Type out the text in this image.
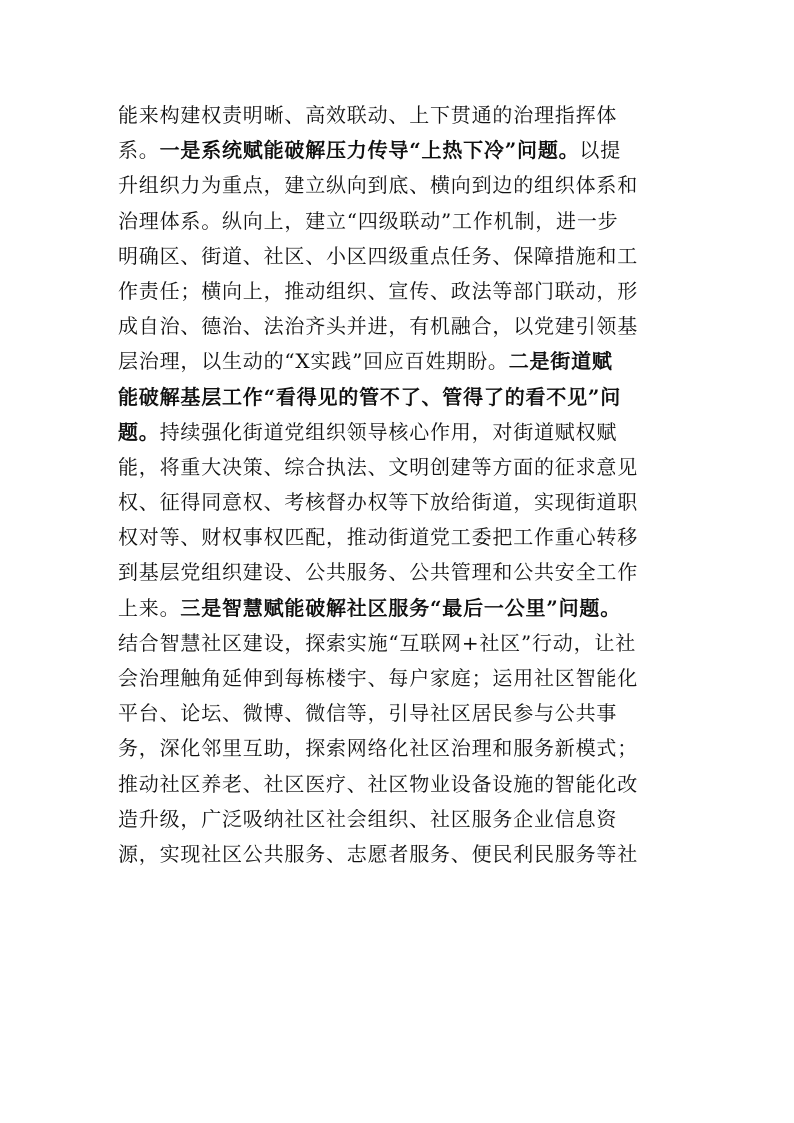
能来构建权责明晰、高效联动、上下贯通的治理指挥体
系。一是系统赋能破解压力传导“上热下冷”问题。以提
升组织力为重点，建立纵向到底、横向到边的组织体系和
治理体系。纵向上，建立“四级联动”工作机制，进一步
明确区、街道、社区、小区四级重点任务、保障措施和工
作责任；横向上，推动组织、宣传、政法等部门联动，形
成自治、德治、法治齐头并进，有机融合，以党建引领基
层治理，以生动的“X实践”回应百姓期盼。二是街道赋
能破解基层工作“看得见的管不了、管得了的看不见”问
题。持续强化街道党组织领导核心作用，对街道赋权赋
能，将重大决策、综合执法、文明创建等方面的征求意见
权、征得同意权、考核督办权等下放给街道，实现街道职
权对等、财权事权匹配，推动街道党工委把工作重心转移
到基层党组织建设、公共服务、公共管理和公共安全工作
上来。三是智慧赋能破解社区服务“最后一公里”问题。
结合智慧社区建设，探索实施“互联网+社区”行动，让社
会治理触角延伸到每栋楼宇、每户家庭；运用社区智能化
平台、论坛、微博、微信等，引导社区居民参与公共事
务，深化邻里互助，探索网络化社区治理和服务新模式；
推动社区养老、社区医疗、社区物业设备设施的智能化改
造升级，广泛吸纳社区社会组织、社区服务企业信息资
源，实现社区公共服务、志愿者服务、便民利民服务等社
